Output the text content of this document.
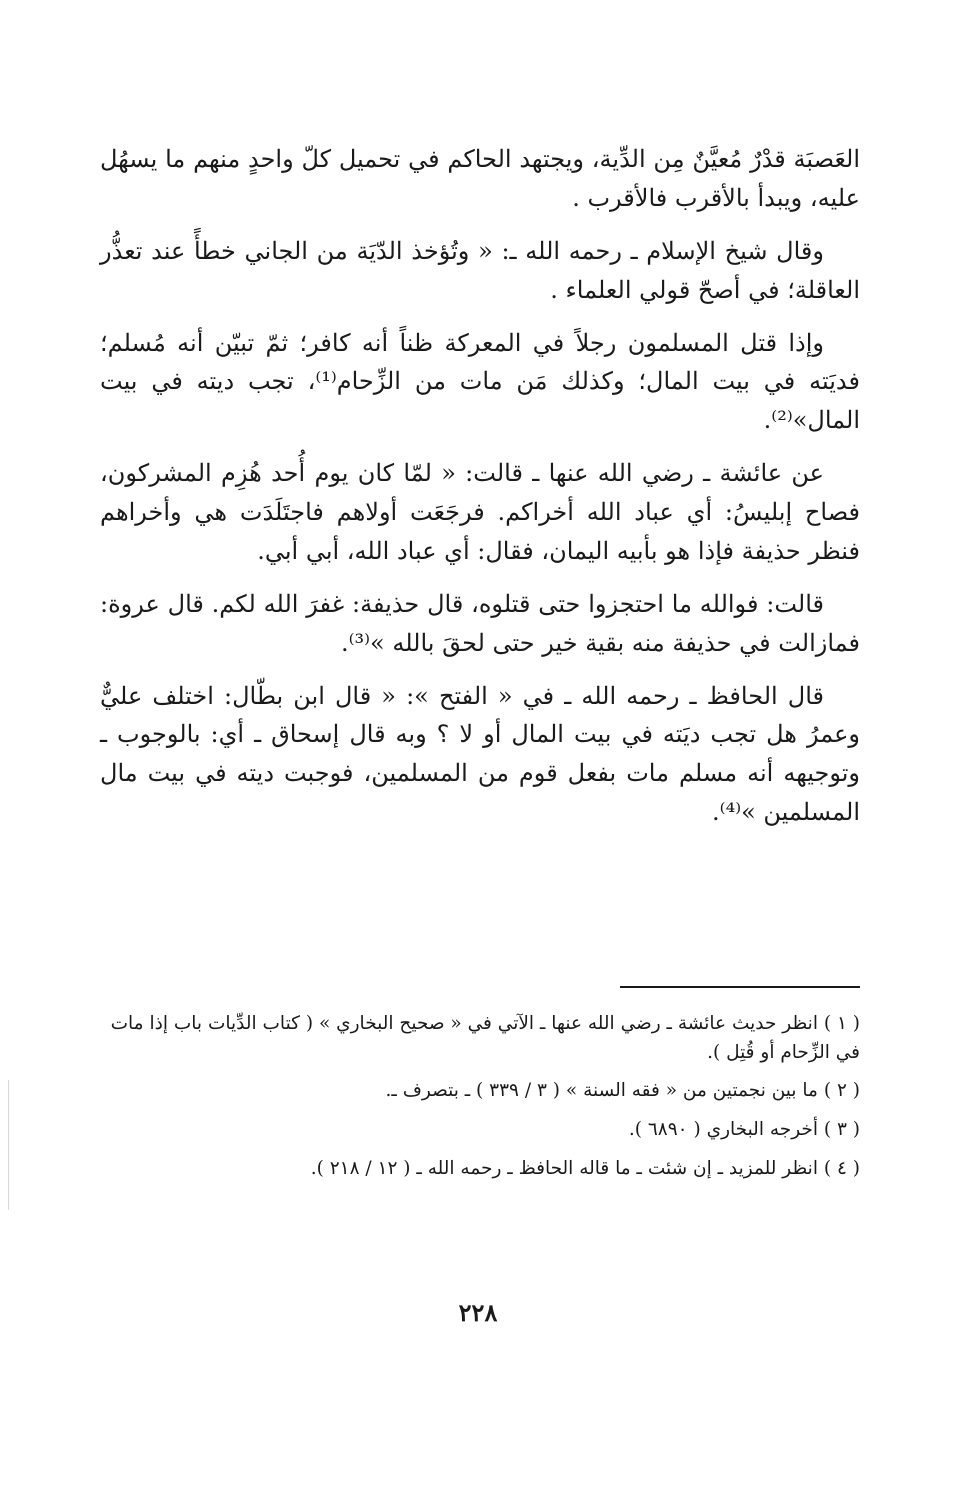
العَصبَة قدْرٌ مُعيَّنٌ مِن الدِّية، ويجتهد الحاكم في تحميل كلّ واحدٍ منهم ما يسهُل عليه، ويبدأ بالأقرب فالأقرب .

وقال شيخ الإسلام ـ رحمه الله ـ: « وتُؤخذ الدّيَة من الجاني خطأً عند تعذُّر العاقلة؛ في أصحّ قولي العلماء .

وإذا قتل المسلمون رجلاً في المعركة ظناً أنه كافر؛ ثمّ تبيّن أنه مُسلم؛ فديَته في بيت المال؛ وكذلك مَن مات من الزِّحام⁽¹⁾، تجب ديته في بيت المال»⁽²⁾.

عن عائشة ـ رضي الله عنها ـ قالت: « لمّا كان يوم أُحد هُزِم المشركون، فصاح إبليسُ: أي عباد الله أخراكم. فرجَعَت أولاهم فاجتَلَدَت هي وأخراهم فنظر حذيفة فإذا هو بأبيه اليمان، فقال: أي عباد الله، أبي أبي.

قالت: فوالله ما احتجزوا حتى قتلوه، قال حذيفة: غفرَ الله لكم. قال عروة: فمازالت في حذيفة منه بقية خير حتى لحقَ بالله »⁽³⁾.

قال الحافظ ـ رحمه الله ـ في « الفتح »: « قال ابن بطّال: اختلف عليٌّ وعمرُ هل تجب ديَته في بيت المال أو لا ؟ وبه قال إسحاق ـ أي: بالوجوب ـ وتوجيهه أنه مسلم مات بفعل قوم من المسلمين، فوجبت ديته في بيت مال المسلمين »⁽⁴⁾.

( ١ ) انظر حديث عائشة ـ رضي الله عنها ـ الآتي في « صحيح البخاري » ( كتاب الدِّيات باب إذا مات في الزِّحام أو قُتِل ).

( ٢ ) ما بين نجمتين من « فقه السنة » ( ٣ / ٣٣٩ ) ـ بتصرف ـ.

( ٣ ) أخرجه البخاري ( ٦٨٩٠ ).

( ٤ ) انظر للمزيد ـ إن شئت ـ ما قاله الحافظ ـ رحمه الله ـ ( ١٢ / ٢١٨ ).

٢٢٨
